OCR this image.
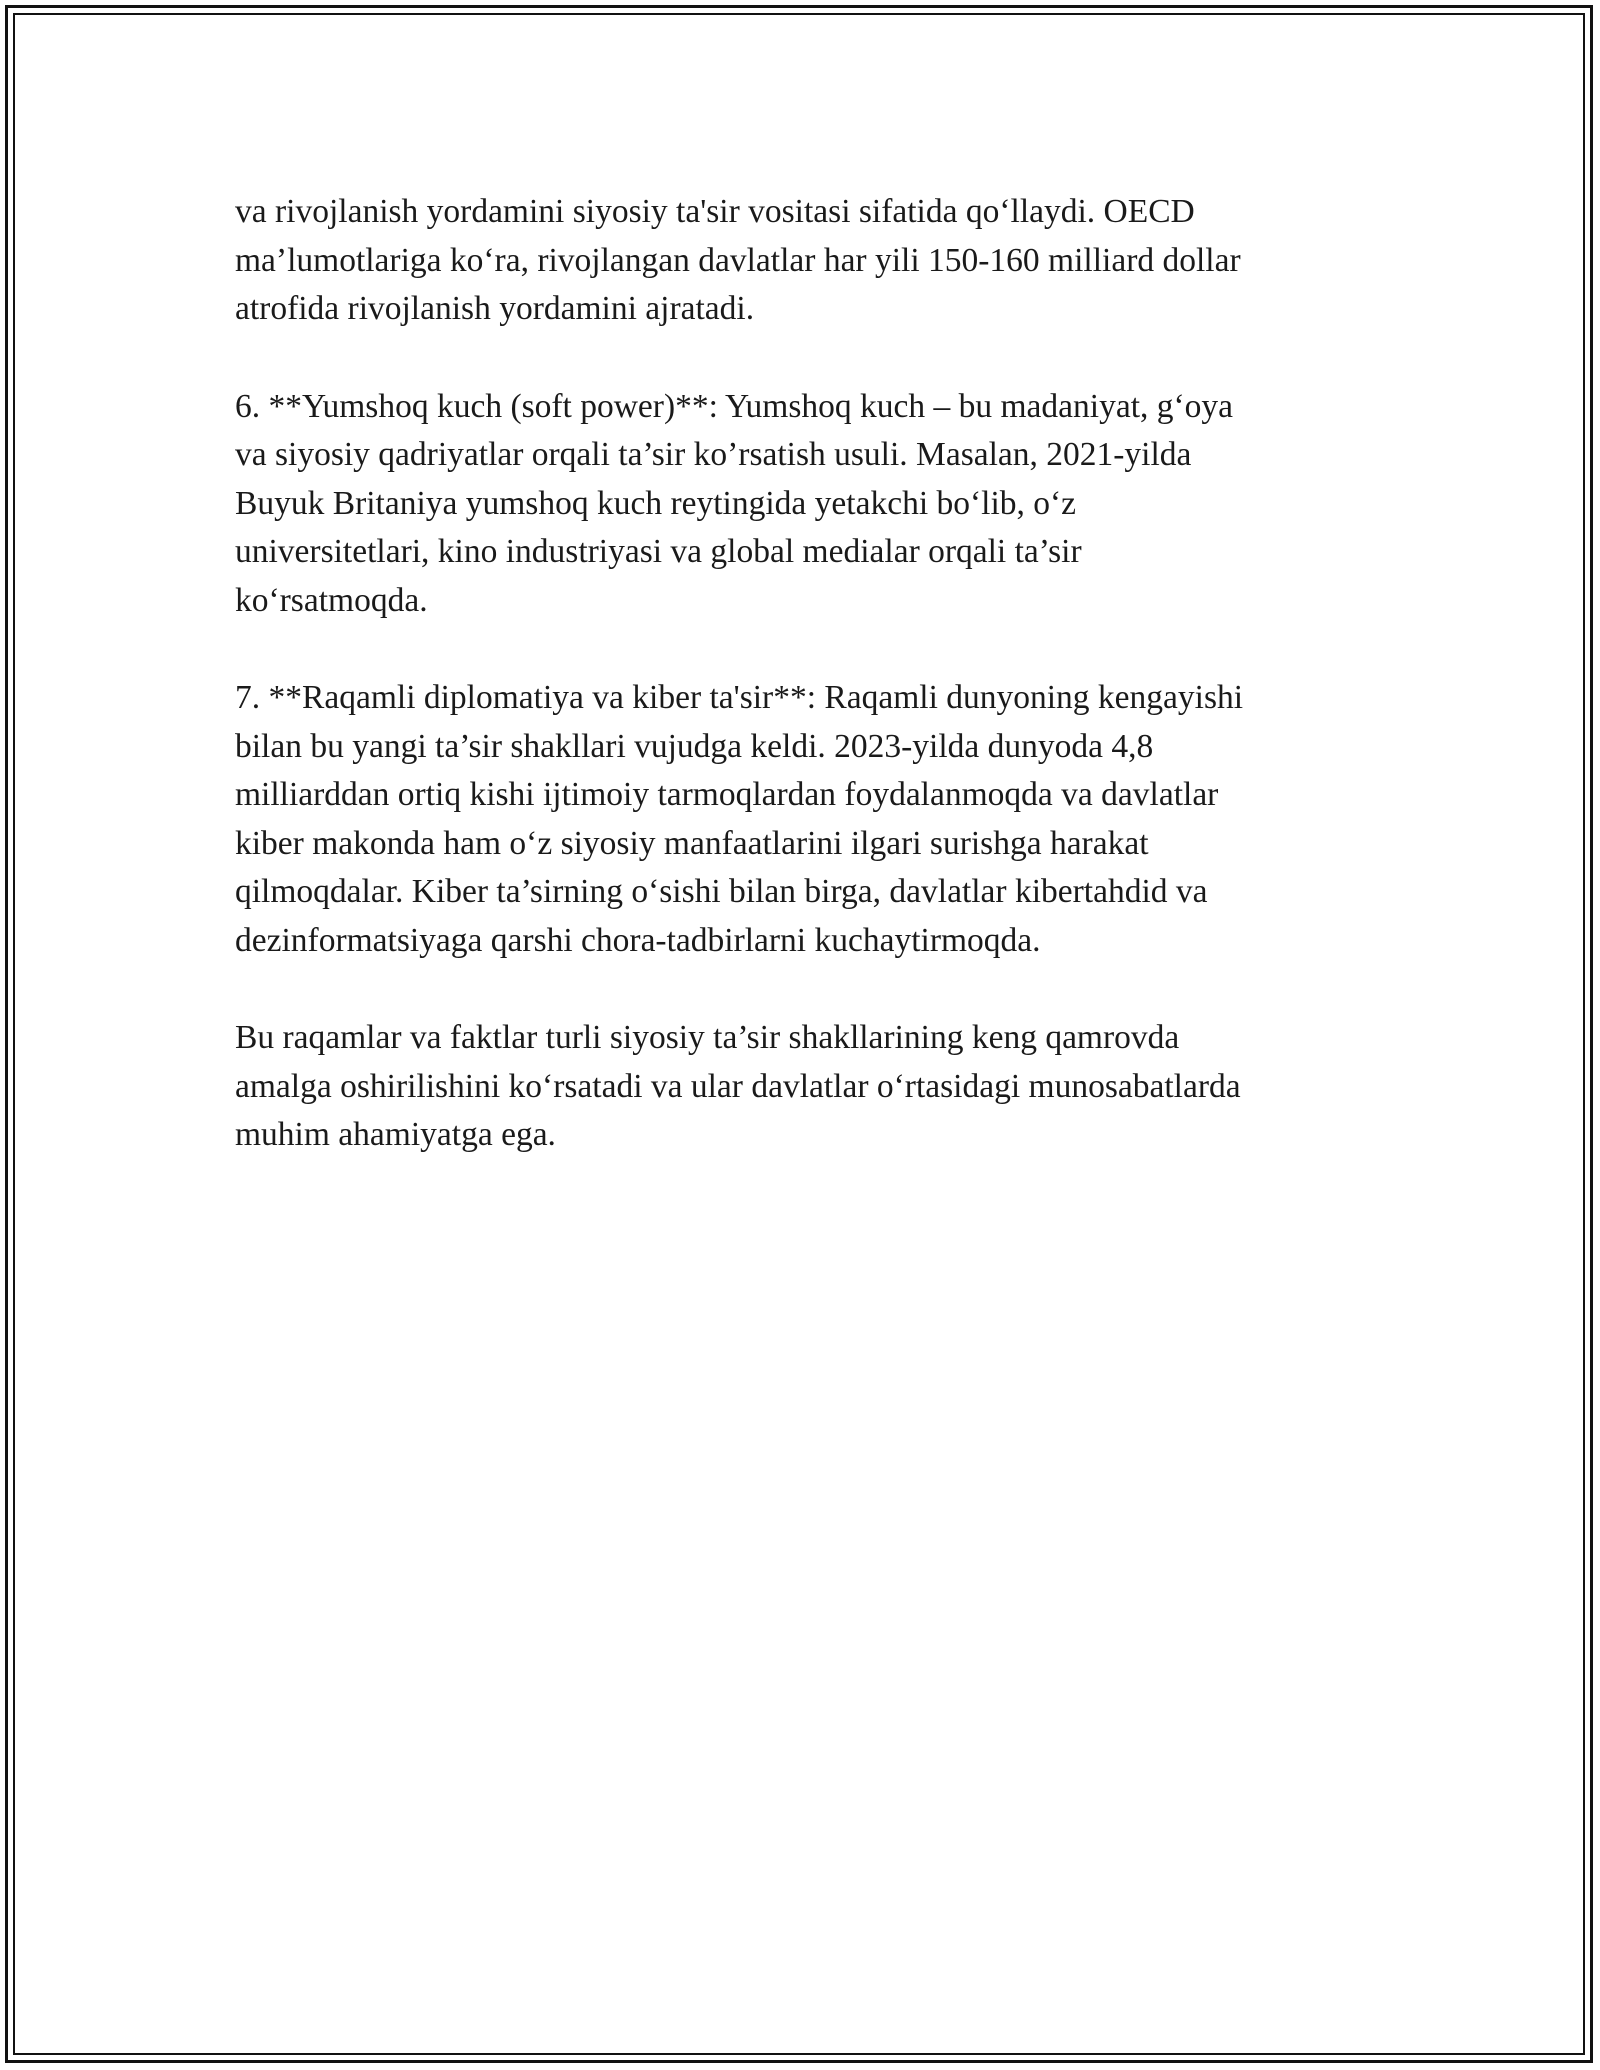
va rivojlanish yordamini siyosiy ta'sir vositasi sifatida qo‘llaydi. OECD
ma’lumotlariga ko‘ra, rivojlangan davlatlar har yili 150-160 milliard dollar
atrofida rivojlanish yordamini ajratadi.

6. **Yumshoq kuch (soft power)**: Yumshoq kuch – bu madaniyat, g‘oya
va siyosiy qadriyatlar orqali ta’sir ko’rsatish usuli. Masalan, 2021-yilda
Buyuk Britaniya yumshoq kuch reytingida yetakchi bo‘lib, o‘z
universitetlari, kino industriyasi va global medialar orqali ta’sir
ko‘rsatmoqda.

7. **Raqamli diplomatiya va kiber ta'sir**: Raqamli dunyoning kengayishi
bilan bu yangi ta’sir shakllari vujudga keldi. 2023-yilda dunyoda 4,8
milliarddan ortiq kishi ijtimoiy tarmoqlardan foydalanmoqda va davlatlar
kiber makonda ham o‘z siyosiy manfaatlarini ilgari surishga harakat
qilmoqdalar. Kiber ta’sirning o‘sishi bilan birga, davlatlar kibertahdid va
dezinformatsiyaga qarshi chora-tadbirlarni kuchaytirmoqda.

Bu raqamlar va faktlar turli siyosiy ta’sir shakllarining keng qamrovda
amalga oshirilishini ko‘rsatadi va ular davlatlar o‘rtasidagi munosabatlarda
muhim ahamiyatga ega.
